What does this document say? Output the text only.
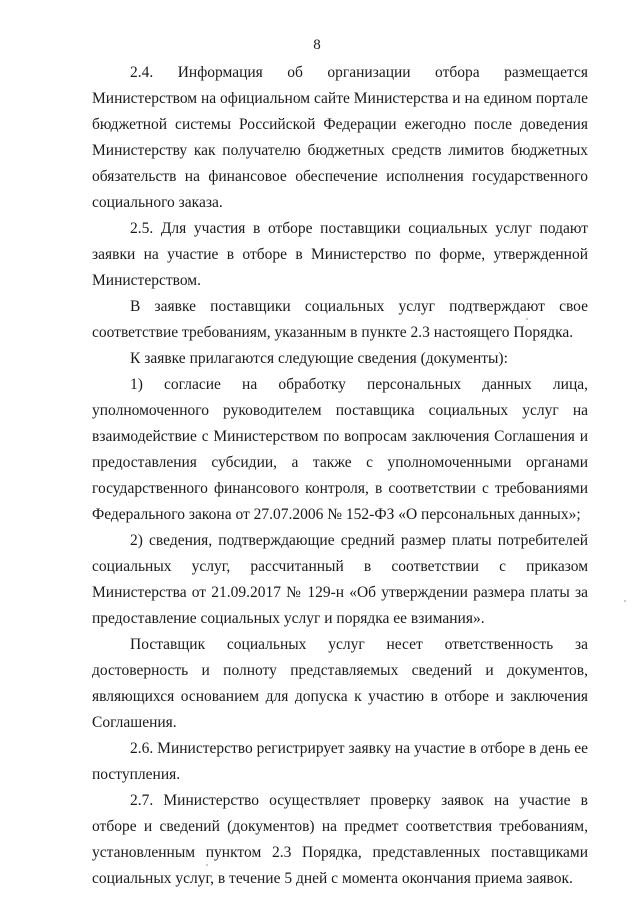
8

2.4. Информация об организации отбора размещается Министерством на официальном сайте Министерства и на едином портале бюджетной системы Российской Федерации ежегодно после доведения Министерству как получателю бюджетных средств лимитов бюджетных обязательств на финансовое обеспечение исполнения государственного социального заказа.

2.5. Для участия в отборе поставщики социальных услуг подают заявки на участие в отборе в Министерство по форме, утвержденной Министерством.

В заявке поставщики социальных услуг подтверждают свое соответствие требованиям, указанным в пункте 2.3 настоящего Порядка.

К заявке прилагаются следующие сведения (документы):

1) согласие на обработку персональных данных лица, уполномоченного руководителем поставщика социальных услуг на взаимодействие с Министерством по вопросам заключения Соглашения и предоставления субсидии, а также с уполномоченными органами государственного финансового контроля, в соответствии с требованиями Федерального закона от 27.07.2006 № 152-ФЗ «О персональных данных»;

2) сведения, подтверждающие средний размер платы потребителей социальных услуг, рассчитанный в соответствии с приказом Министерства от 21.09.2017 № 129-н «Об утверждении размера платы за предоставление социальных услуг и порядка ее взимания».

Поставщик социальных услуг несет ответственность за достоверность и полноту представляемых сведений и документов, являющихся основанием для допуска к участию в отборе и заключения Соглашения.

2.6. Министерство регистрирует заявку на участие в отборе в день ее поступления.

2.7. Министерство осуществляет проверку заявок на участие в отборе и сведений (документов) на предмет соответствия требованиям, установленным пунктом 2.3 Порядка, представленных поставщиками социальных услуг, в течение 5 дней с момента окончания приема заявок.
